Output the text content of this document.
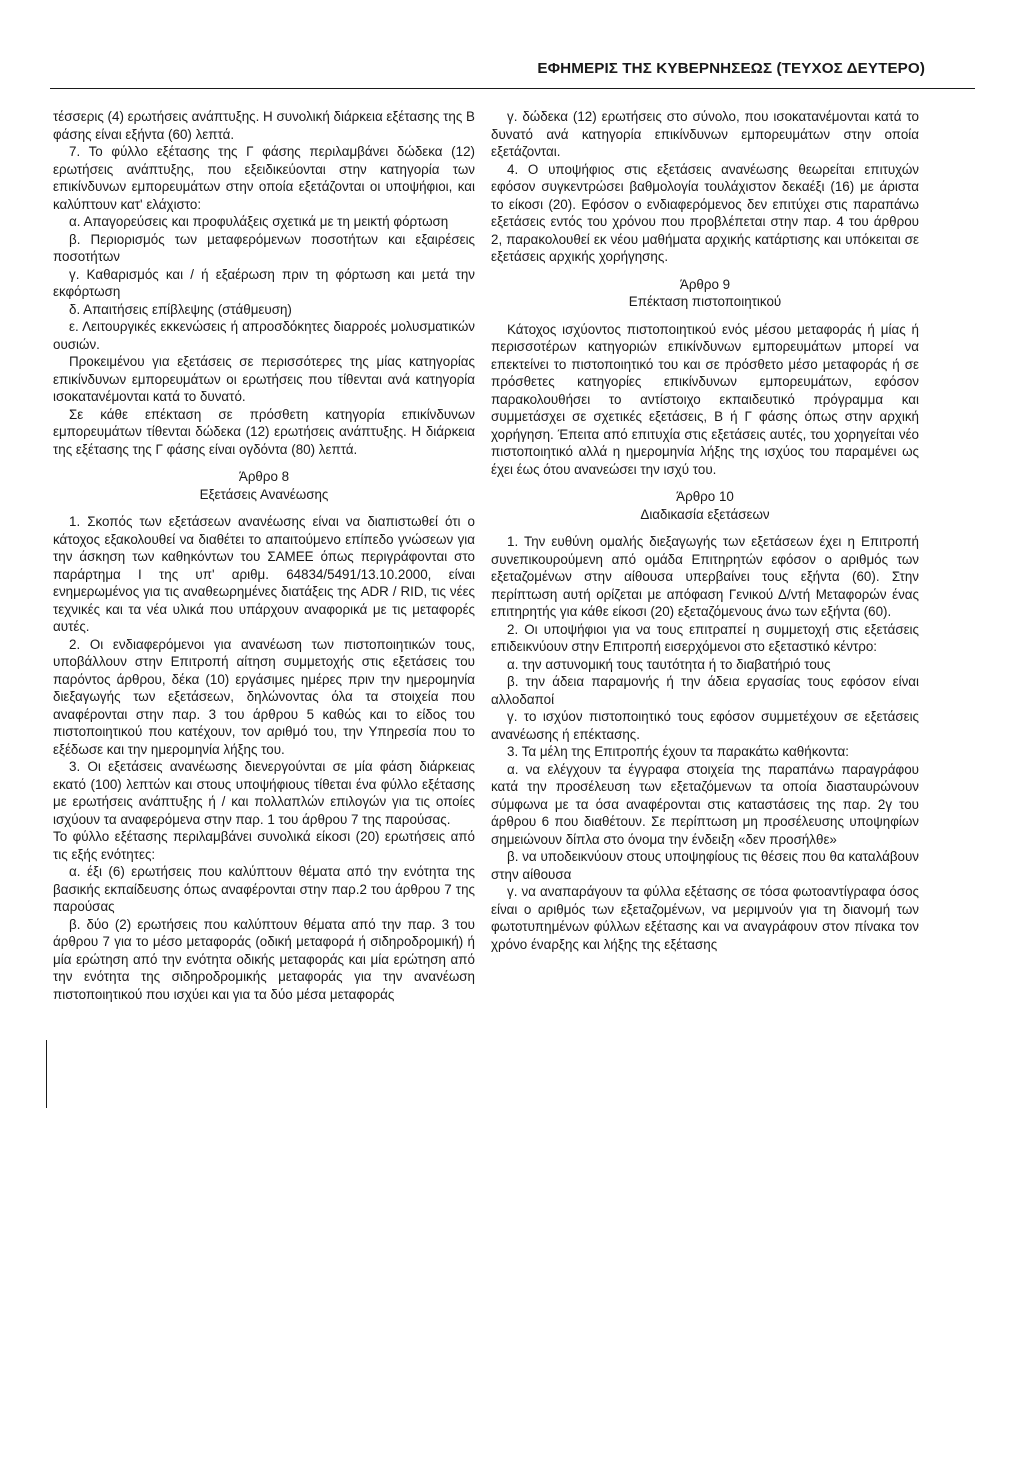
ΕΦΗΜΕΡΙΣ ΤΗΣ ΚΥΒΕΡΝΗΣΕΩΣ (ΤΕΥΧΟΣ ΔΕΥΤΕΡΟ)

τέσσερις (4) ερωτήσεις ανάπτυξης. Η συνολική διάρκεια εξέτασης της Β φάσης είναι εξήντα (60) λεπτά.

7. Το φύλλο εξέτασης της Γ φάσης περιλαμβάνει δώδεκα (12) ερωτήσεις ανάπτυξης, που εξειδικεύονται στην κατηγορία των επικίνδυνων εμπορευμάτων στην οποία εξετάζονται οι υποψήφιοι, και καλύπτουν κατ' ελάχιστο:

α. Απαγορεύσεις και προφυλάξεις σχετικά με τη μεικτή φόρτωση

β. Περιορισμός των μεταφερόμενων ποσοτήτων και εξαιρέσεις ποσοτήτων

γ. Καθαρισμός και / ή εξαέρωση πριν τη φόρτωση και μετά την εκφόρτωση

δ. Απαιτήσεις επίβλεψης (στάθμευση)

ε. Λειτουργικές εκκενώσεις ή απροσδόκητες διαρροές μολυσματικών ουσιών.

Προκειμένου για εξετάσεις σε περισσότερες της μίας κατηγορίας επικίνδυνων εμπορευμάτων οι ερωτήσεις που τίθενται ανά κατηγορία ισοκατανέμονται κατά το δυνατό.

Σε κάθε επέκταση σε πρόσθετη κατηγορία επικίνδυνων εμπορευμάτων τίθενται δώδεκα (12) ερωτήσεις ανάπτυξης. Η διάρκεια της εξέτασης της Γ φάσης είναι ογδόντα (80) λεπτά.

Άρθρο 8

Εξετάσεις Ανανέωσης

1. Σκοπός των εξετάσεων ανανέωσης είναι να διαπιστωθεί ότι ο κάτοχος εξακολουθεί να διαθέτει το απαιτούμενο επίπεδο γνώσεων για την άσκηση των καθηκόντων του ΣΑΜΕΕ όπως περιγράφονται στο παράρτημα Ι της υπ' αριθμ. 64834/5491/13.10.2000, είναι ενημερωμένος για τις αναθεωρημένες διατάξεις της ADR / RID, τις νέες τεχνικές και τα νέα υλικά που υπάρχουν αναφορικά με τις μεταφορές αυτές.

2. Οι ενδιαφερόμενοι για ανανέωση των πιστοποιητικών τους, υποβάλλουν στην Επιτροπή αίτηση συμμετοχής στις εξετάσεις του παρόντος άρθρου, δέκα (10) εργάσιμες ημέρες πριν την ημερομηνία διεξαγωγής των εξετάσεων, δηλώνοντας όλα τα στοιχεία που αναφέρονται στην παρ. 3 του άρθρου 5 καθώς και το είδος του πιστοποιητικού που κατέχουν, τον αριθμό του, την Υπηρεσία που το εξέδωσε και την ημερομηνία λήξης του.

3. Οι εξετάσεις ανανέωσης διενεργούνται σε μία φάση διάρκειας εκατό (100) λεπτών και στους υποψήφιους τίθεται ένα φύλλο εξέτασης με ερωτήσεις ανάπτυξης ή / και πολλαπλών επιλογών για τις οποίες ισχύουν τα αναφερόμενα στην παρ. 1 του άρθρου 7 της παρούσας.

Το φύλλο εξέτασης περιλαμβάνει συνολικά είκοσι (20) ερωτήσεις από τις εξής ενότητες:

α. έξι (6) ερωτήσεις που καλύπτουν θέματα από την ενότητα της βασικής εκπαίδευσης όπως αναφέρονται στην παρ.2 του άρθρου 7 της παρούσας

β. δύο (2) ερωτήσεις που καλύπτουν θέματα από την παρ. 3 του άρθρου 7 για το μέσο μεταφοράς (οδική μεταφορά ή σιδηροδρομική) ή μία ερώτηση από την ενότητα οδικής μεταφοράς και μία ερώτηση από την ενότητα της σιδηροδρομικής μεταφοράς για την ανανέωση πιστοποιητικού που ισχύει και για τα δύο μέσα μεταφοράς

γ. δώδεκα (12) ερωτήσεις στο σύνολο, που ισοκατανέμονται κατά το δυνατό ανά κατηγορία επικίνδυνων εμπορευμάτων στην οποία εξετάζονται.

4. Ο υποψήφιος στις εξετάσεις ανανέωσης θεωρείται επιτυχών εφόσον συγκεντρώσει βαθμολογία τουλάχιστον δεκαέξι (16) με άριστα το είκοσι (20). Εφόσον ο ενδιαφερόμενος δεν επιτύχει στις παραπάνω εξετάσεις εντός του χρόνου που προβλέπεται στην παρ. 4 του άρθρου 2, παρακολουθεί εκ νέου μαθήματα αρχικής κατάρτισης και υπόκειται σε εξετάσεις αρχικής χορήγησης.

Άρθρο 9

Επέκταση πιστοποιητικού

Κάτοχος ισχύοντος πιστοποιητικού ενός μέσου μεταφοράς ή μίας ή περισσοτέρων κατηγοριών επικίνδυνων εμπορευμάτων μπορεί να επεκτείνει το πιστοποιητικό του και σε πρόσθετο μέσο μεταφοράς ή σε πρόσθετες κατηγορίες επικίνδυνων εμπορευμάτων, εφόσον παρακολουθήσει το αντίστοιχο εκπαιδευτικό πρόγραμμα και συμμετάσχει σε σχετικές εξετάσεις, Β ή Γ φάσης όπως στην αρχική χορήγηση. Έπειτα από επιτυχία στις εξετάσεις αυτές, του χορηγείται νέο πιστοποιητικό αλλά η ημερομηνία λήξης της ισχύος του παραμένει ως έχει έως ότου ανανεώσει την ισχύ του.

Άρθρο 10

Διαδικασία εξετάσεων

1. Την ευθύνη ομαλής διεξαγωγής των εξετάσεων έχει η Επιτροπή συνεπικουρούμενη από ομάδα Επιτηρητών εφόσον ο αριθμός των εξεταζομένων στην αίθουσα υπερβαίνει τους εξήντα (60). Στην περίπτωση αυτή ορίζεται με απόφαση Γενικού Δ/ντή Μεταφορών ένας επιτηρητής για κάθε είκοσι (20) εξεταζόμενους άνω των εξήντα (60).

2. Οι υποψήφιοι για να τους επιτραπεί η συμμετοχή στις εξετάσεις επιδεικνύουν στην Επιτροπή εισερχόμενοι στο εξεταστικό κέντρο:

α. την αστυνομική τους ταυτότητα ή το διαβατήριό τους

β. την άδεια παραμονής ή την άδεια εργασίας τους εφόσον είναι αλλοδαποί

γ. το ισχύον πιστοποιητικό τους εφόσον συμμετέχουν σε εξετάσεις ανανέωσης ή επέκτασης.

3. Τα μέλη της Επιτροπής έχουν τα παρακάτω καθήκοντα:

α. να ελέγχουν τα έγγραφα στοιχεία της παραπάνω παραγράφου κατά την προσέλευση των εξεταζόμενων τα οποία διασταυρώνουν σύμφωνα με τα όσα αναφέρονται στις καταστάσεις της παρ. 2γ του άρθρου 6 που διαθέτουν. Σε περίπτωση μη προσέλευσης υποψηφίων σημειώνουν δίπλα στο όνομα την ένδειξη «δεν προσήλθε»

β. να υποδεικνύουν στους υποψηφίους τις θέσεις που θα καταλάβουν στην αίθουσα

γ. να αναπαράγουν τα φύλλα εξέτασης σε τόσα φωτοαντίγραφα όσος είναι ο αριθμός των εξεταζομένων, να μεριμνούν για τη διανομή των φωτοτυπημένων φύλλων εξέτασης και να αναγράφουν στον πίνακα τον χρόνο έναρξης και λήξης της εξέτασης
